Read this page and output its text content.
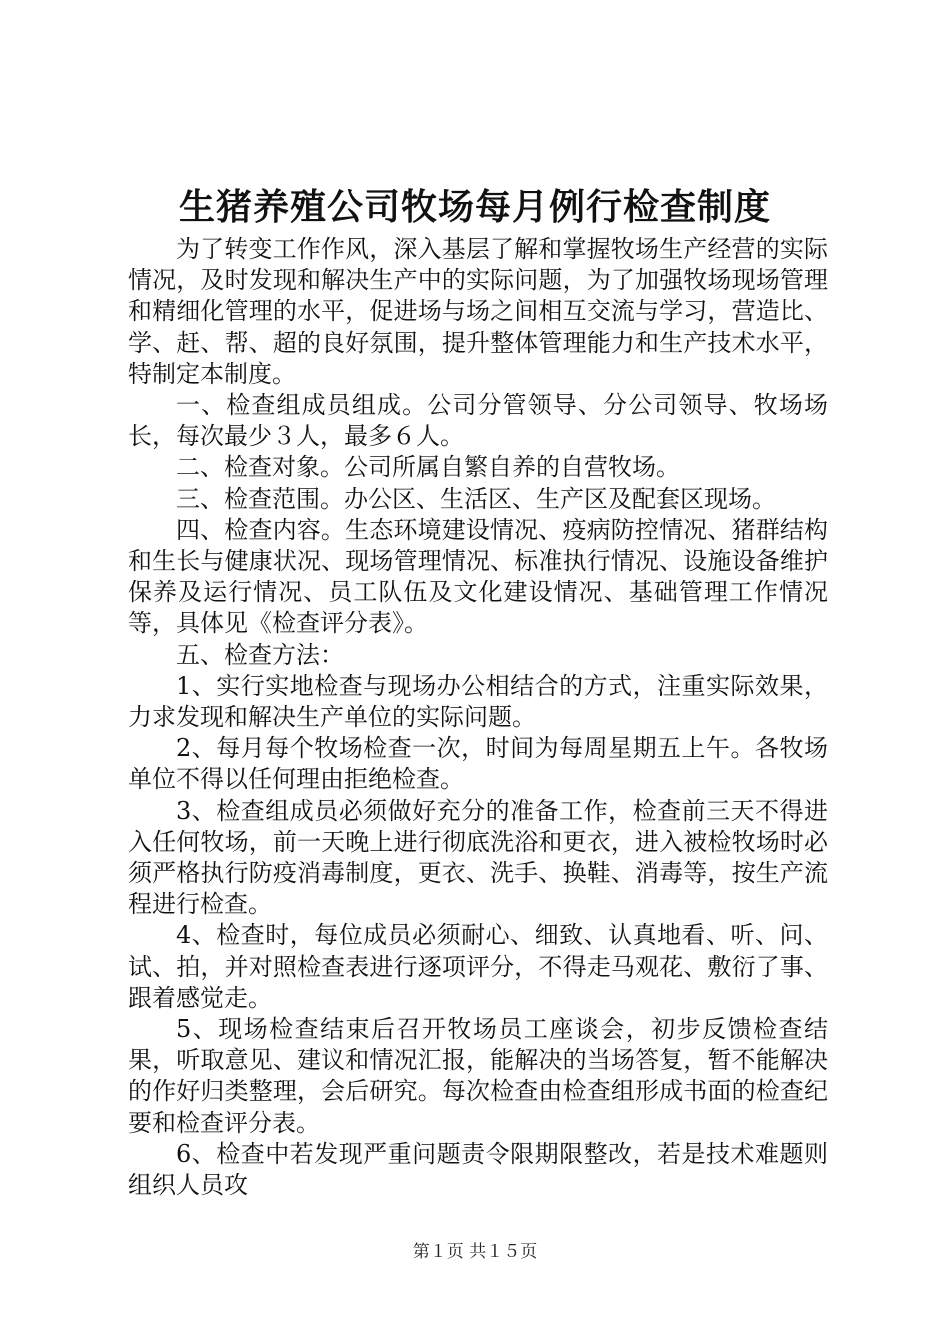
生猪养殖公司牧场每月例行检查制度

为了转变工作作风，深入基层了解和掌握牧场生产经营的实际情况，及时发现和解决生产中的实际问题，为了加强牧场现场管理和精细化管理的水平，促进场与场之间相互交流与学习，营造比、学、赶、帮、超的良好氛围，提升整体管理能力和生产技术水平，特制定本制度。

一、检查组成员组成。公司分管领导、分公司领导、牧场场长，每次最少３人，最多６人。

二、检查对象。公司所属自繁自养的自营牧场。

三、检查范围。办公区、生活区、生产区及配套区现场。

四、检查内容。生态环境建设情况、疫病防控情况、猪群结构和生长与健康状况、现场管理情况、标准执行情况、设施设备维护保养及运行情况、员工队伍及文化建设情况、基础管理工作情况等，具体见《检查评分表》。

五、检查方法：

1、实行实地检查与现场办公相结合的方式，注重实际效果，力求发现和解决生产单位的实际问题。

2、每月每个牧场检查一次，时间为每周星期五上午。各牧场单位不得以任何理由拒绝检查。

3、检查组成员必须做好充分的准备工作，检查前三天不得进入任何牧场，前一天晚上进行彻底洗浴和更衣，进入被检牧场时必须严格执行防疫消毒制度，更衣、洗手、换鞋、消毒等，按生产流程进行检查。

4、检查时，每位成员必须耐心、细致、认真地看、听、问、试、拍，并对照检查表进行逐项评分，不得走马观花、敷衍了事、跟着感觉走。

5、现场检查结束后召开牧场员工座谈会，初步反馈检查结果，听取意见、建议和情况汇报，能解决的当场答复，暂不能解决的作好归类整理，会后研究。每次检查由检查组形成书面的检查纪要和检查评分表。

6、检查中若发现严重问题责令限期限整改，若是技术难题则组织人员攻

第１页 共１５页
